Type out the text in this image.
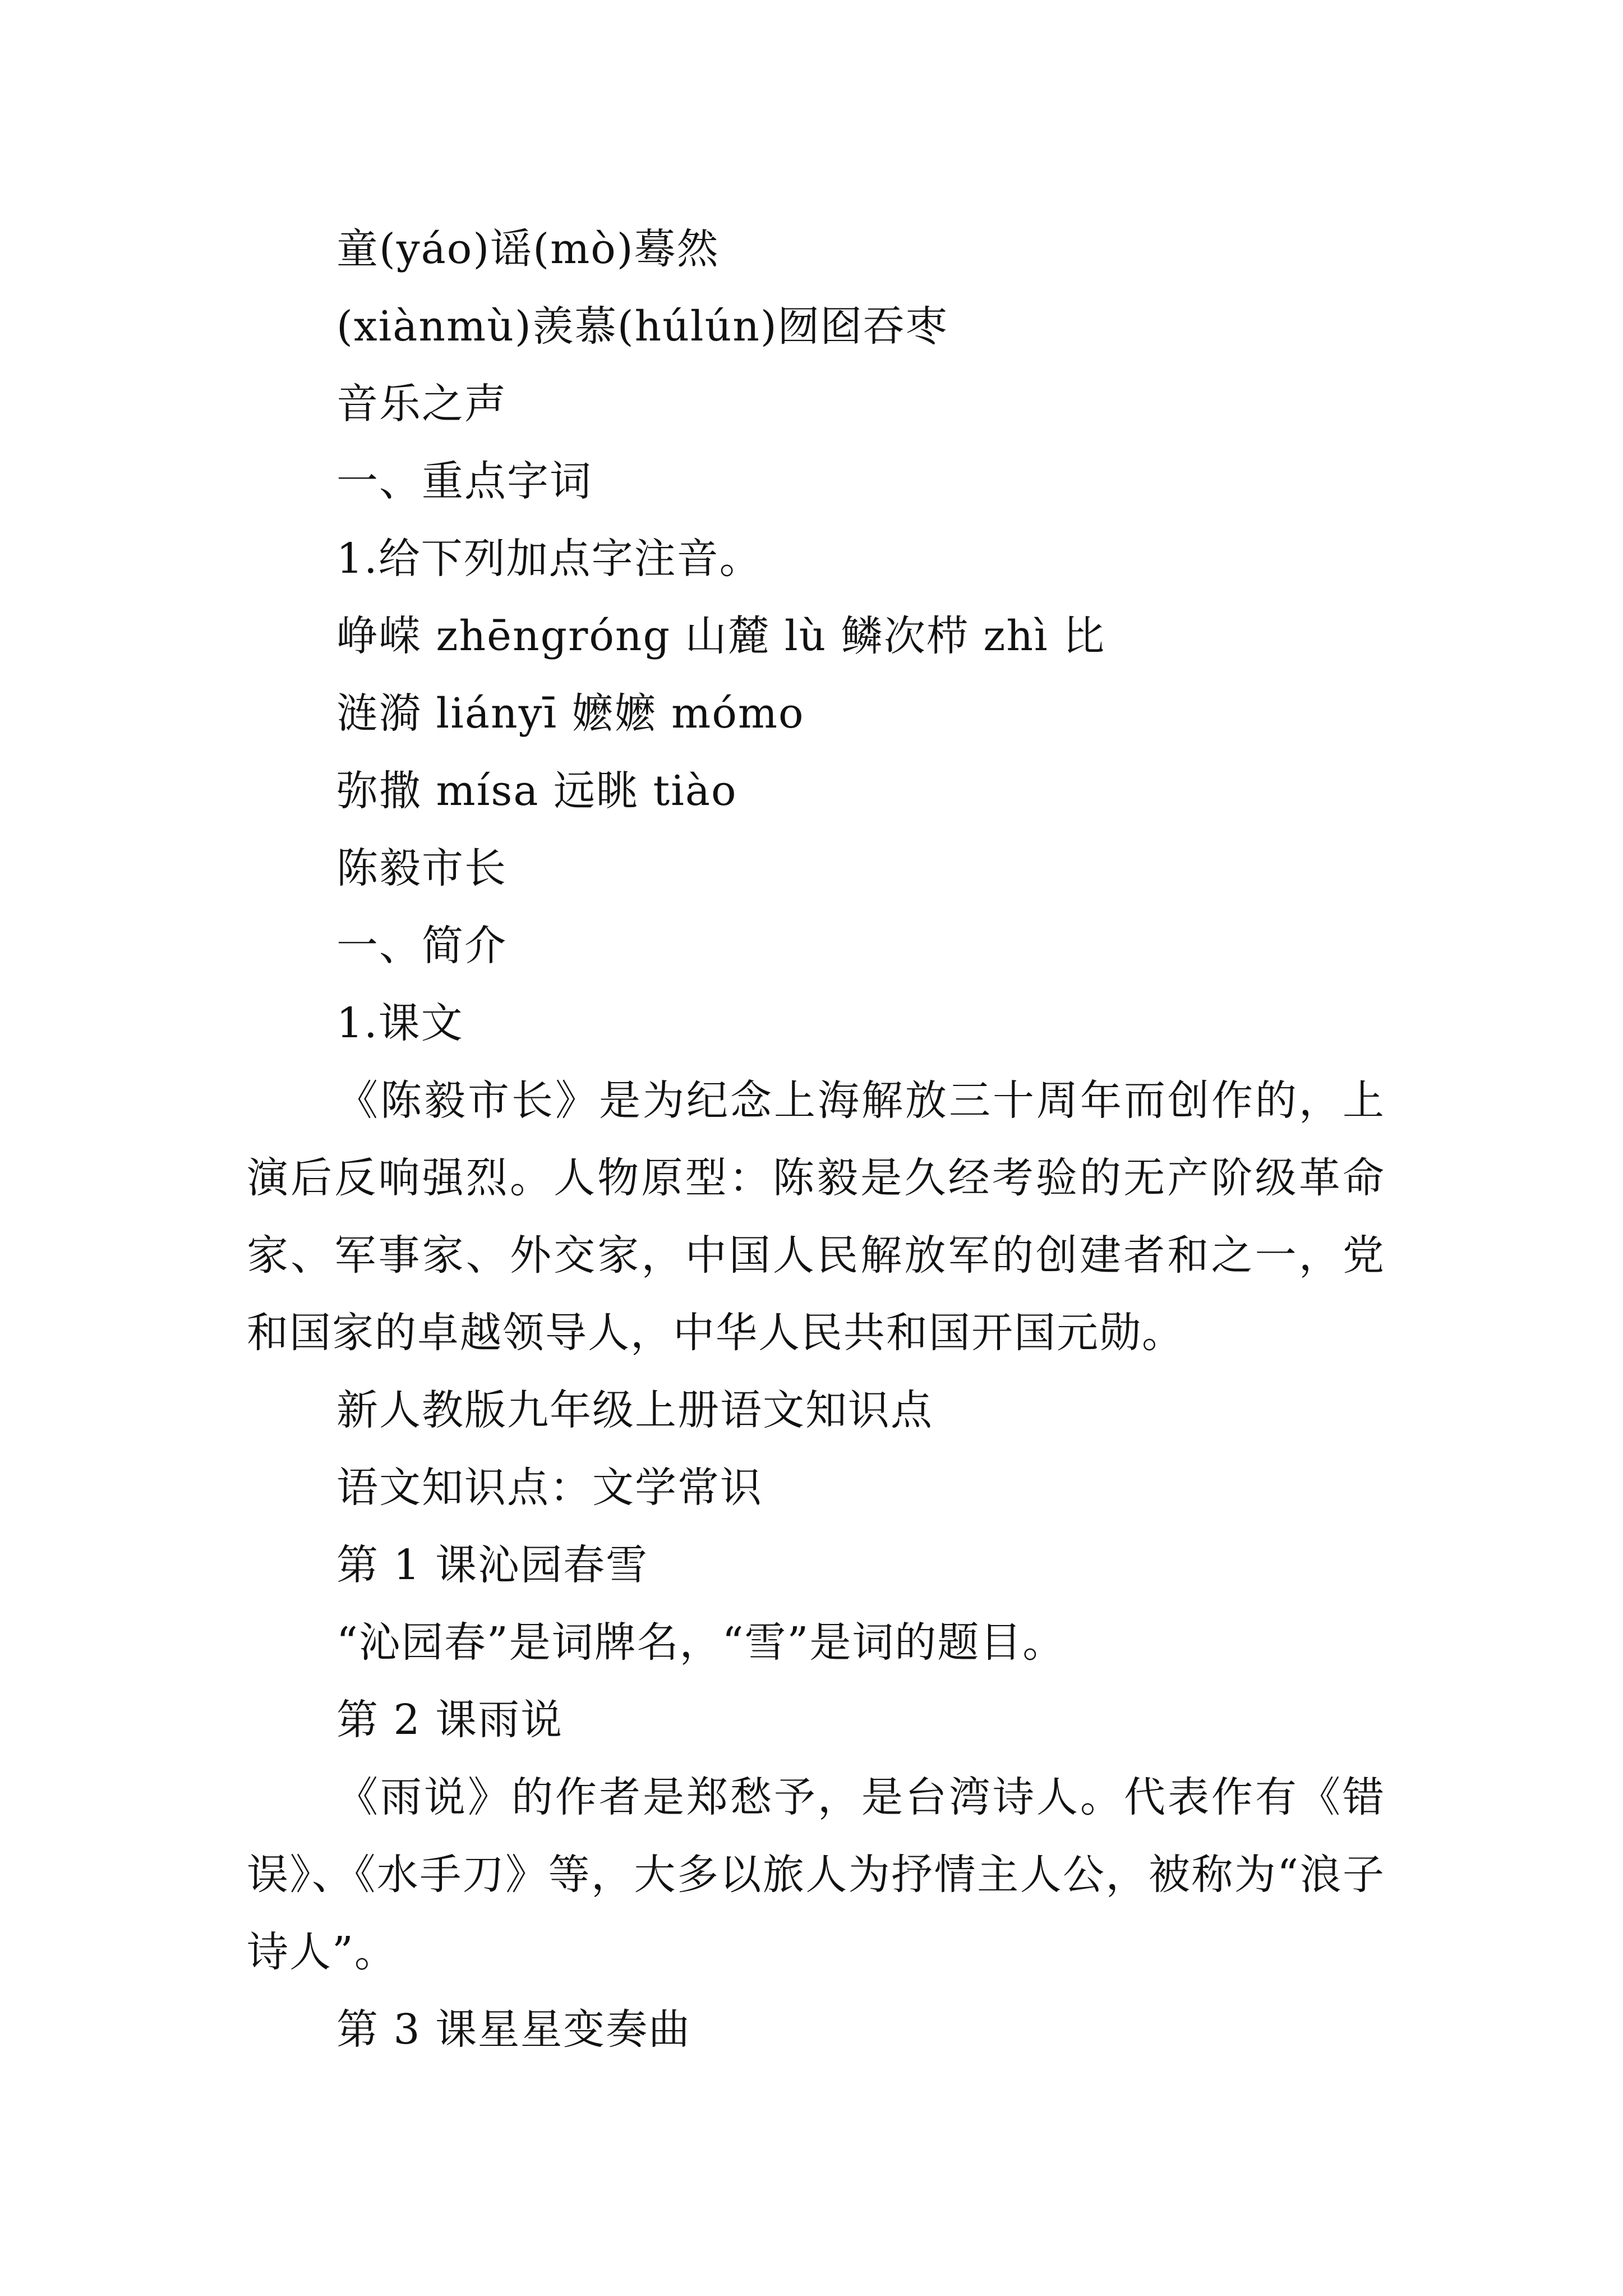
童(yáo)谣(mò)蓦然
(xiànmù)羡慕(húlún)囫囵吞枣
音乐之声
一、重点字词
1.给下列加点字注音。
峥嵘 zhēngróng 山麓 lù 鳞次栉 zhì 比
涟漪 liányī 嬷嬷 mómo
弥撒 mísa 远眺 tiào
陈毅市长
一、简介
1.课文

《陈毅市长》是为纪念上海解放三十周年而创作的，上演后反响强烈。人物原型：陈毅是久经考验的无产阶级革命家、军事家、外交家，中国人民解放军的创建者和之一，党和国家的卓越领导人，中华人民共和国开国元勋。

新人教版九年级上册语文知识点
语文知识点：文学常识
第 1 课沁园春雪
“沁园春”是词牌名，“雪”是词的题目。
第 2 课雨说

《雨说》的作者是郑愁予，是台湾诗人。代表作有《错误》、《水手刀》等，大多以旅人为抒情主人公，被称为“浪子诗人”。

第 3 课星星变奏曲
